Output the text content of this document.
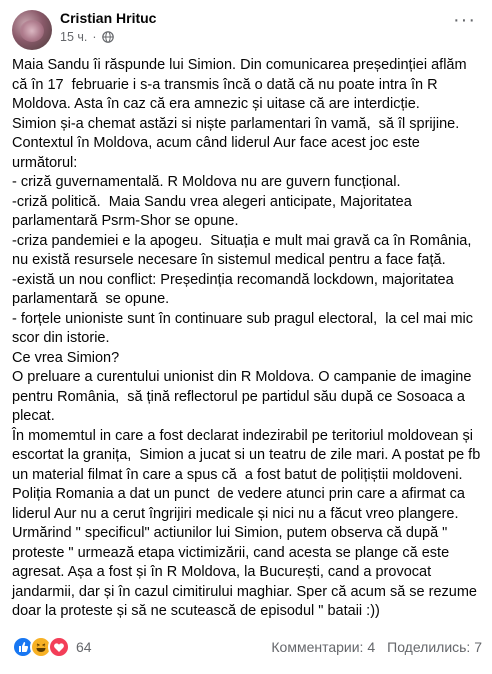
Cristian Hrituc
15 ч. ·
···

Maia Sandu îi răspunde lui Simion. Din comunicarea președinției aflăm că în 17  februarie i s-a transmis încă o dată că nu poate intra în R Moldova. Asta în caz că era amnezic și uitase că are interdicție.

Simion și-a chemat astăzi si niște parlamentari în vamă,  să îl sprijine.

Contextul în Moldova, acum când liderul Aur face acest joc este următorul:

- criză guvernamentală. R Moldova nu are guvern funcțional.

-criză politică.  Maia Sandu vrea alegeri anticipate, Majoritatea parlamentară Psrm-Shor se opune.

-criza pandemiei e la apogeu.  Situația e mult mai gravă ca în România, nu există resursele necesare în sistemul medical pentru a face față.

-există un nou conflict: Președinția recomandă lockdown, majoritatea parlamentară  se opune.

- forțele unioniste sunt în continuare sub pragul electoral,  la cel mai mic scor din istorie.

Ce vrea Simion?

O preluare a curentului unionist din R Moldova. O campanie de imagine pentru România,  să țină reflectorul pe partidul său după ce Sosoaca a plecat.

În momemtul in care a fost declarat indezirabil pe teritoriul moldovean și escortat la granița,  Simion a jucat si un teatru de zile mari. A postat pe fb un material filmat în care a spus că  a fost batut de polițiștii moldoveni. Poliția Romania a dat un punct  de vedere atunci prin care a afirmat ca liderul Aur nu a cerut îngrijiri medicale și nici nu a făcut vreo plangere.

Urmărind " specificul" actiunilor lui Simion, putem observa că după " proteste " urmează etapa victimizării, cand acesta se plange că este agresat. Așa a fost și în R Moldova, la București, cand a provocat jandarmii, dar și în cazul cimitirului maghiar. Sper că acum să se rezume doar la proteste și să ne scutească de episodul " bataii :))

64	Комментарии: 4 Поделились: 7
